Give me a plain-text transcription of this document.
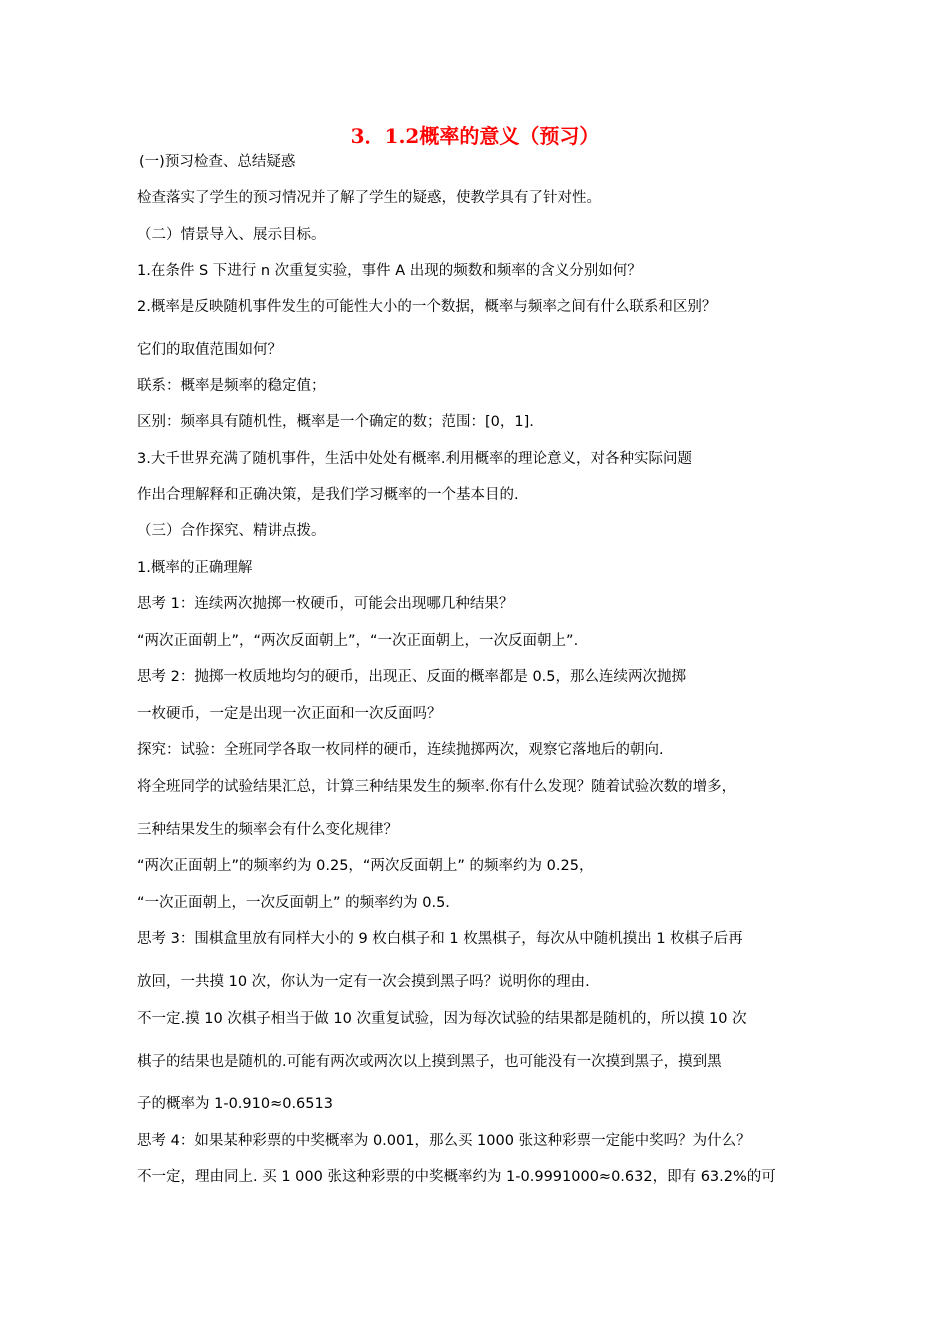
3．1.2概率的意义（预习）
(一)预习检查、总结疑惑
检查落实了学生的预习情况并了解了学生的疑惑，使教学具有了针对性。
（二）情景导入、展示目标。
1.在条件 S 下进行 n 次重复实验，事件 A 出现的频数和频率的含义分别如何？
2.概率是反映随机事件发生的可能性大小的一个数据，概率与频率之间有什么联系和区别？
它们的取值范围如何？
联系：概率是频率的稳定值；
区别：频率具有随机性，概率是一个确定的数；范围：[0，1].
3.大千世界充满了随机事件，生活中处处有概率.利用概率的理论意义，对各种实际问题
作出合理解释和正确决策，是我们学习概率的一个基本目的.
（三）合作探究、精讲点拨。
1.概率的正确理解
思考 1：连续两次抛掷一枚硬币，可能会出现哪几种结果？
“两次正面朝上”，“两次反面朝上”，“一次正面朝上，一次反面朝上”.
思考 2：抛掷一枚质地均匀的硬币，出现正、反面的概率都是 0.5，那么连续两次抛掷
一枚硬币，一定是出现一次正面和一次反面吗？
探究：试验：全班同学各取一枚同样的硬币，连续抛掷两次，观察它落地后的朝向.
将全班同学的试验结果汇总，计算三种结果发生的频率.你有什么发现？随着试验次数的增多，
三种结果发生的频率会有什么变化规律？
“两次正面朝上”的频率约为 0.25，“两次反面朝上” 的频率约为 0.25，
“一次正面朝上，一次反面朝上” 的频率约为 0.5.
思考 3：围棋盒里放有同样大小的 9 枚白棋子和 1 枚黑棋子，每次从中随机摸出 1 枚棋子后再
放回，一共摸 10 次，你认为一定有一次会摸到黑子吗？说明你的理由.
不一定.摸 10 次棋子相当于做 10 次重复试验，因为每次试验的结果都是随机的，所以摸 10 次
棋子的结果也是随机的.可能有两次或两次以上摸到黑子，也可能没有一次摸到黑子，摸到黑
子的概率为 1-0.910≈0.6513
思考 4：如果某种彩票的中奖概率为 0.001，那么买 1000 张这种彩票一定能中奖吗？为什么？
不一定，理由同上. 买 1 000 张这种彩票的中奖概率约为 1-0.9991000≈0.632，即有 63.2%的可
